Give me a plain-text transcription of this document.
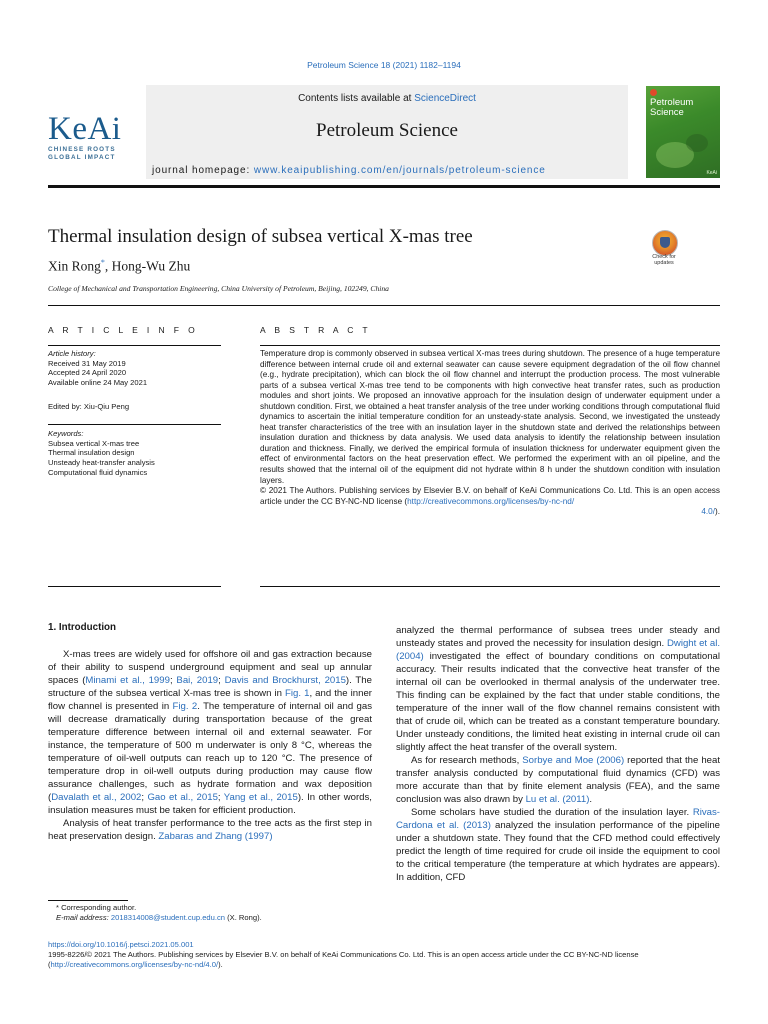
Petroleum Science 18 (2021) 1182–1194
KeAi
CHINESE ROOTS
GLOBAL IMPACT
Contents lists available at ScienceDirect
Petroleum Science
journal homepage: www.keaipublishing.com/en/journals/petroleum-science
Petroleum
Science
KeAi
Thermal insulation design of subsea vertical X-mas tree
Xin Rong*, Hong-Wu Zhu
College of Mechanical and Transportation Engineering, China University of Petroleum, Beijing, 102249, China
Check for updates
A R T I C L E I N F O
Article history:
Received 31 May 2019
Accepted 24 April 2020
Available online 24 May 2021
Edited by: Xiu-Qiu Peng
Keywords:
Subsea vertical X-mas tree
Thermal insulation design
Unsteady heat-transfer analysis
Computational fluid dynamics
A B S T R A C T

Temperature drop is commonly observed in subsea vertical X-mas trees during shutdown. The presence of a huge temperature difference between internal crude oil and external seawater can cause severe equipment degradation of the oil flow channel (e.g., hydrate precipitation), which can block the oil flow channel and interrupt the production process. The most vulnerable parts of a subsea vertical X-mas tree tend to be components with high convective heat transfer rates, such as production modules and short joints. We proposed an innovative approach for the insulation design of underwater equipment under a shutdown condition. First, we obtained a heat transfer analysis of the tree under working conditions through computational fluid dynamics to ascertain the initial temperature condition for an unsteady-state analysis. Second, we investigated the unsteady heat transfer characteristics of the tree with an insulation layer in the shutdown state and derived the relationships between insulation duration and thickness by data analysis. We used data analysis to identify the relationship between insulation duration and thickness. Finally, we derived the empirical formula of insulation thickness for underwater equipment given the effect of environmental factors on the heat preservation effect. We performed the experiment with an oil pipeline, and the results showed that the internal oil of the equipment did not hydrate within 8 h under the shutdown condition with insulation layers.

© 2021 The Authors. Publishing services by Elsevier B.V. on behalf of KeAi Communications Co. Ltd. This is an open access article under the CC BY-NC-ND license (http://creativecommons.org/licenses/by-nc-nd/

4.0/).

1. Introduction

X-mas trees are widely used for offshore oil and gas extraction because of their ability to suspend underground equipment and seal up annular spaces (Minami et al., 1999; Bai, 2019; Davis and Brockhurst, 2015). The structure of the subsea vertical X-mas tree is shown in Fig. 1, and the inner flow channel is presented in Fig. 2. The temperature of internal oil and gas will decrease dramatically during transportation because of the great temperature difference between internal oil and external seawater. For instance, the temperature of 500 m underwater is only 8 °C, whereas the temperature of oil-well outputs can reach up to 120 °C. The presence of temperature drop in oil-well outputs during production may cause flow assurance challenges, such as hydrate formation and wax deposition (Davalath et al., 2002; Gao et al., 2015; Yang et al., 2015). In other words, insulation measures must be taken for efficient production.

Analysis of heat transfer performance to the tree acts as the first step in heat preservation design. Zabaras and Zhang (1997)

analyzed the thermal performance of subsea trees under steady and unsteady states and proved the necessity for insulation design. Dwight et al. (2004) investigated the effect of boundary conditions on computational accuracy. Their results indicated that the convective heat transfer of the internal oil can be overlooked in thermal analysis of the underwater tree. This finding can be explained by the fact that under stable conditions, the temperature of the inner wall of the flow channel remains consistent with that of crude oil, which can be treated as a constant temperature boundary. Under unsteady conditions, the limited heat existing in internal crude oil can slightly affect the heat transfer of the overall system.

As for research methods, Sorbye and Moe (2006) reported that the heat transfer analysis conducted by computational fluid dynamics (CFD) was more accurate than that by finite element analysis (FEA), and the same conclusion was also drawn by Lu et al. (2011).

Some scholars have studied the duration of the insulation layer. Rivas-Cardona et al. (2013) analyzed the insulation performance of the pipeline under a shutdown state. They found that the CFD method could effectively predict the length of time required for crude oil inside the equipment to cool to the critical temperature (the temperature at which hydrates are appears). In addition, CFD

* Corresponding author.
E-mail address: 2018314008@student.cup.edu.cn (X. Rong).
https://doi.org/10.1016/j.petsci.2021.05.001
1995-8226/© 2021 The Authors. Publishing services by Elsevier B.V. on behalf of KeAi Communications Co. Ltd. This is an open access article under the CC BY-NC-ND license
(http://creativecommons.org/licenses/by-nc-nd/4.0/).
